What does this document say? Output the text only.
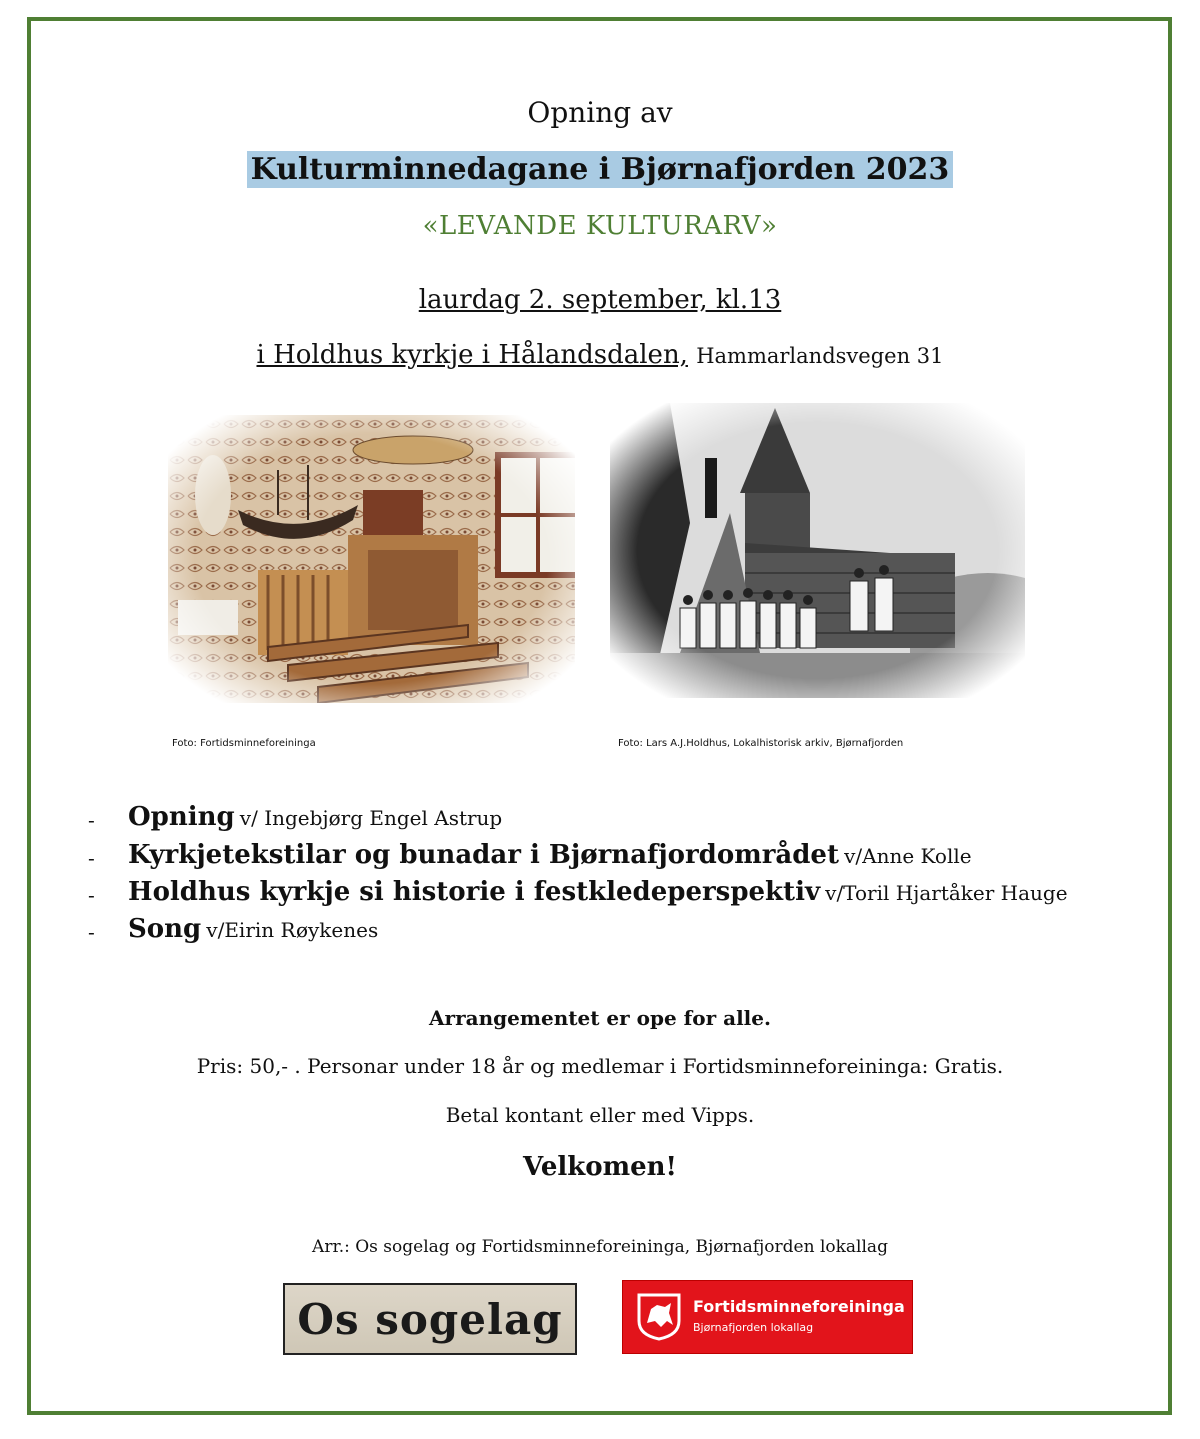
Opning av
Kulturminnedagane i Bjørnafjorden 2023
«LEVANDE KULTURARV»
laurdag 2. september, kl.13
i Holdhus kyrkje i Hålandsdalen, Hammarlandsvegen 31
Foto: Fortidsminneforeininga	Foto: Lars A.J.Holdhus, Lokalhistorisk arkiv, Bjørnafjorden
- Opning v/ Ingebjørg Engel Astrup
- Kyrkjetekstilar og bunadar i Bjørnafjordområdet v/Anne Kolle
- Holdhus kyrkje si historie i festkledeperspektiv v/Toril Hjartåker Hauge
- Song v/Eirin Røykenes
Arrangementet er ope for alle.
Pris: 50,- . Personar under 18 år og medlemar i Fortidsminneforeininga: Gratis.
Betal kontant eller med Vipps.
Velkomen!
Arr.: Os sogelag og Fortidsminneforeininga, Bjørnafjorden lokallag
Os sogelag	Fortidsminneforeininga
Bjørnafjorden lokallag
